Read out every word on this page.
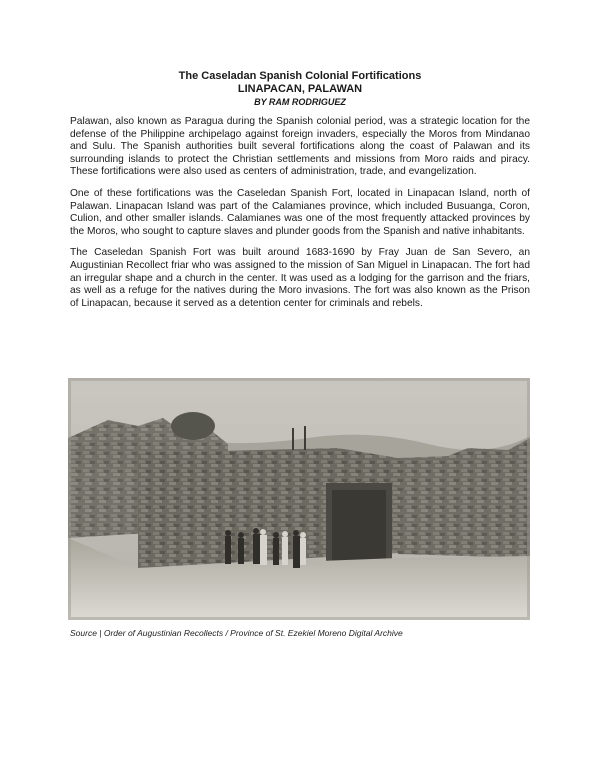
The Caseladan Spanish Colonial Fortifications
LINAPACAN, PALAWAN
BY RAM RODRIGUEZ

Palawan, also known as Paragua during the Spanish colonial period, was a strategic location for the defense of the Philippine archipelago against foreign invaders, especially the Moros from Mindanao and Sulu. The Spanish authorities built several fortifications along the coast of Palawan and its surrounding islands to protect the Christian settlements and missions from Moro raids and piracy. These fortifications were also used as centers of administration, trade, and evangelization.

One of these fortifications was the Caseledan Spanish Fort, located in Linapacan Island, north of Palawan. Linapacan Island was part of the Calamianes province, which included Busuanga, Coron, Culion, and other smaller islands. Calamianes was one of the most frequently attacked provinces by the Moros, who sought to capture slaves and plunder goods from the Spanish and native inhabitants.

The Caseledan Spanish Fort was built around 1683-1690 by Fray Juan de San Severo, an Augustinian Recollect friar who was assigned to the mission of San Miguel in Linapacan. The fort had an irregular shape and a church in the center. It was used as a lodging for the garrison and the friars, as well as a refuge for the natives during the Moro invasions. The fort was also known as the Prison of Linapacan, because it served as a detention center for criminals and rebels.

Source | Order of Augustinian Recollects / Province of St. Ezekiel Moreno Digital Archive
